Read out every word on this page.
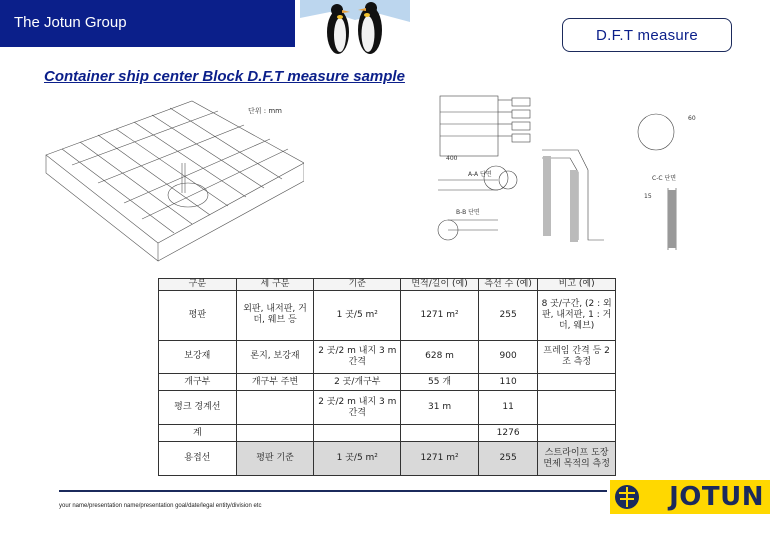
The Jotun Group
D.F.T measure
Container ship center Block D.F.T measure sample
단위 : mm
A-A 단면
B-B 단면
C-C 단면
15
400
60
구분	세 구분	기준	면적/길이 (예)	측선 수 (예)	비고 (예)
평판	외판, 내저판, 거더, 웨브 등	1 곳/5 m²	1271 m²	255	8 곳/구간, (2 : 외판, 내저판, 1 : 거더, 웨브)
보강재	론지, 보강재	2 곳/2 m 내지 3 m 간격	628 m	900	프레임 간격 등 2 조 측정
개구부	개구부 주변	2 곳/개구부	55 개	110	
평크 경계선		2 곳/2 m 내지 3 m 간격	31 m	11	
계				1276	
용접선	평판 기준	1 곳/5 m²	1271 m²	255	스트라이프 도장 면제 목적의 측정
your name/presentation name/presentation goal/date/legal entity/division etc	JOTUN
